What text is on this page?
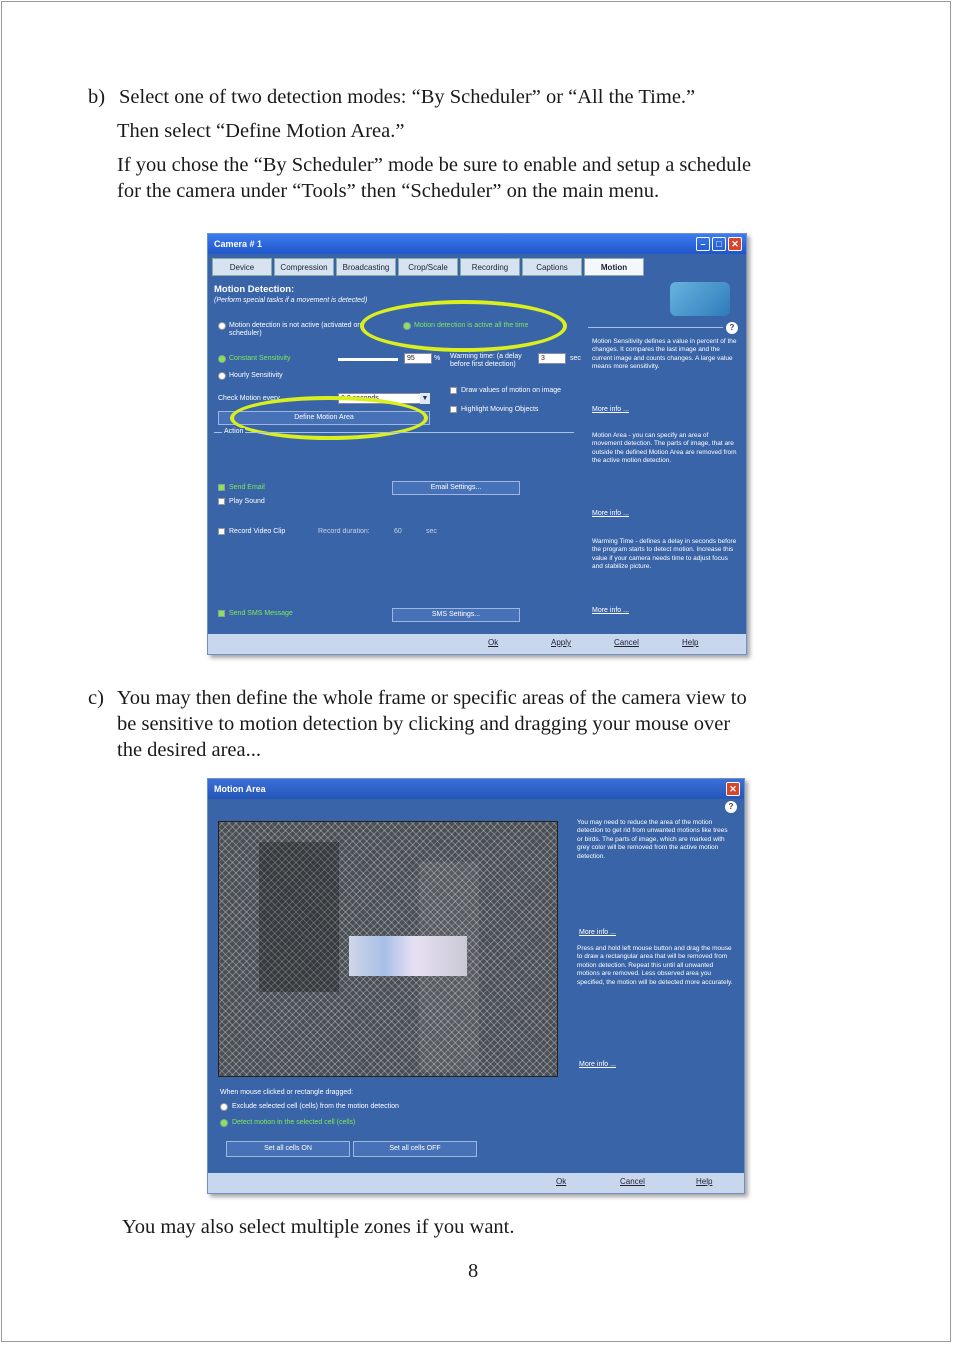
b) Select one of two detection modes: “By Scheduler” or “All the Time.”
Then select “Define Motion Area.”
If you chose the “By Scheduler” mode be sure to enable and setup a schedule
for the camera under “Tools” then “Scheduler” on the main menu.
Camera # 1	–	□	✕
Device	Compression	Broadcasting	Crop/Scale	Recording	Captions	Motion
Motion Detection:
(Perform special tasks if a movement is detected)
Motion detection is not active (activated on scheduler)
Motion detection is active all the time
Constant Sensitivity	95	% Warming time: (a delay before first detection)
3	sec
Hourly Sensitivity
Check Motion every	0.0 seconds	▼
Draw values of motion on image
Highlight Moving Objects
Define Motion Area
Action
Send Email	Email Settings...
Play Sound
Record Video Clip	Record duration:	60	sec
Send SMS Message	SMS Settings...
?
Motion Sensitivity defines a value in percent of the changes. It compares the last image and the current image and counts changes. A large value means more sensitivity.
More info ...
Motion Area - you can specify an area of movement detection. The parts of image, that are outside the defined Motion Area are removed from the active motion detection.
More info ...
Warming Time - defines a delay in seconds before the program starts to detect motion. Increase this value if your camera needs time to adjust focus and stabilize picture.
More info ...
Ok	Apply	Cancel	Help
c) You may then define the whole frame or specific areas of the camera view to
be sensitive to motion detection by clicking and dragging your mouse over
the desired area...
Motion Area	✕
?
You may need to reduce the area of the motion detection to get rid from unwanted motions like trees or birds. The parts of image, which are marked with grey color will be removed from the active motion detection.
More info ...
Press and hold left mouse button and drag the mouse to draw a rectangular area that will be removed from motion detection. Repeat this until all unwanted motions are removed. Less observed area you specified, the motion will be detected more accurately.
More info ...
When mouse clicked or rectangle dragged:
Exclude selected cell (cells) from the motion detection
Detect motion in the selected cell (cells)
Set all cells ON	Set all cells OFF
Ok	Cancel	Help
You may also select multiple zones if you want.
8
